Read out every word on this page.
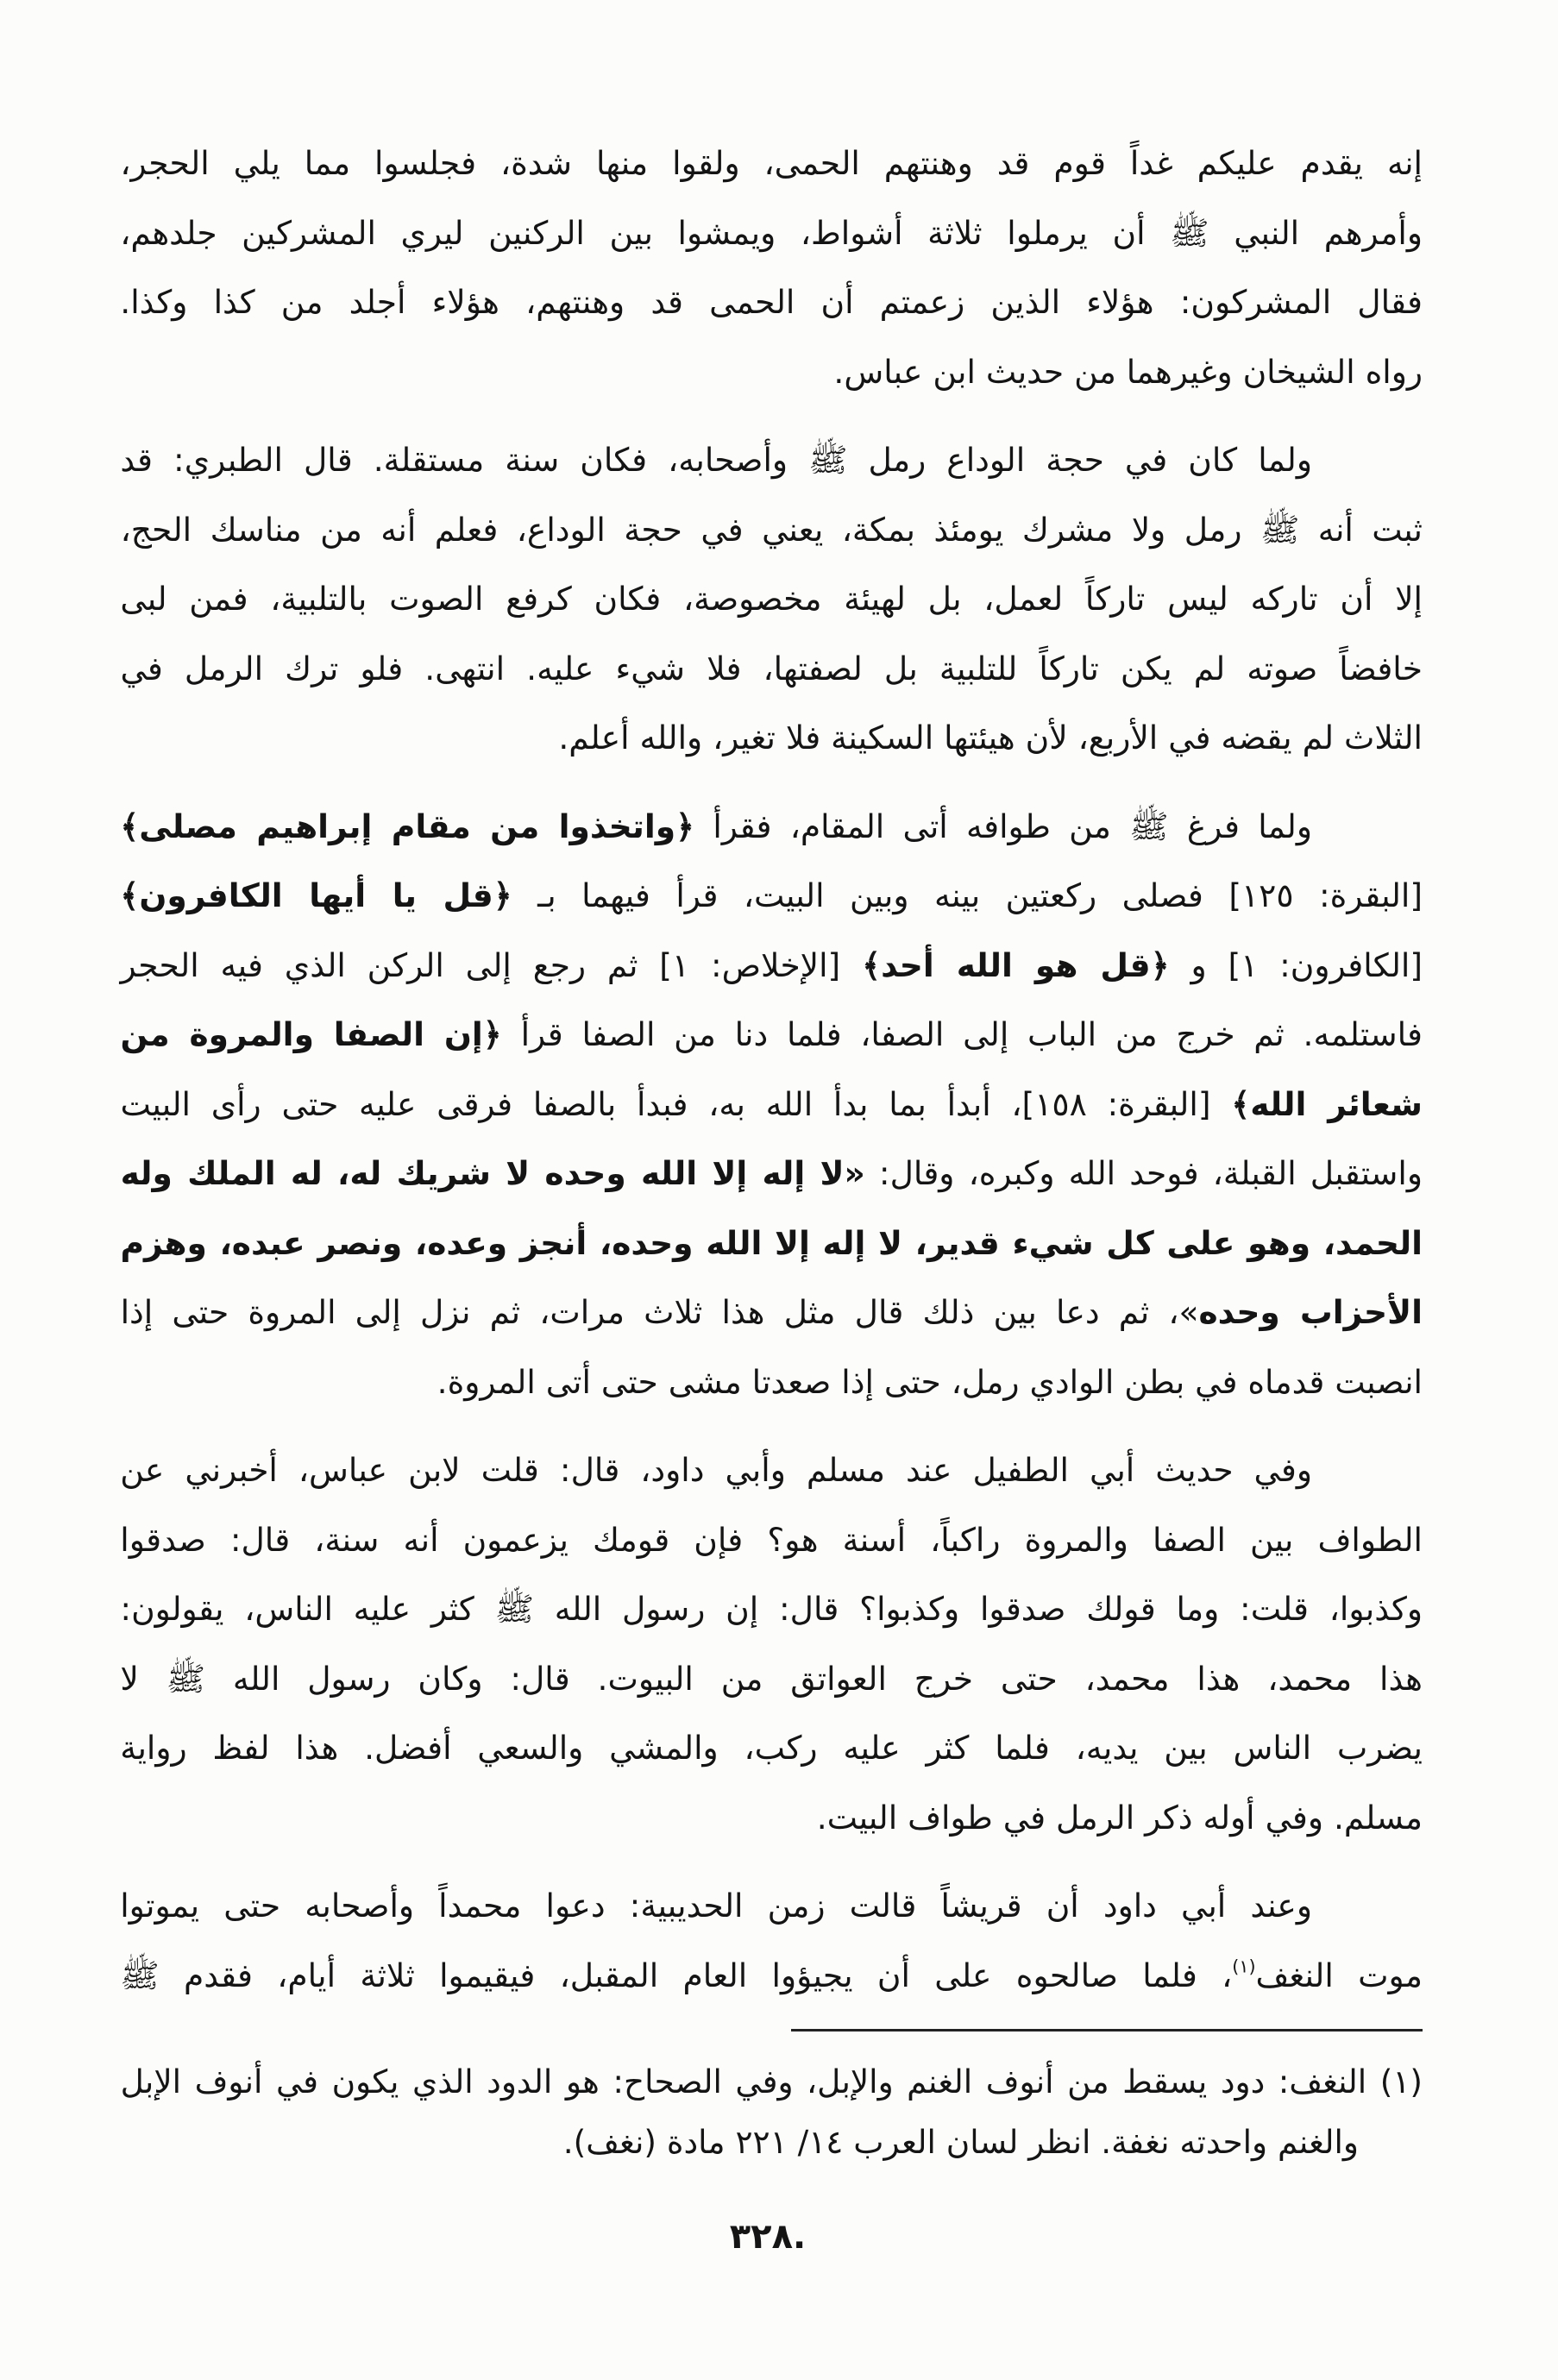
إنه يقدم عليكم غداً قوم قد وهنتهم الحمى، ولقوا منها شدة، فجلسوا مما يلي الحجر،
وأمرهم النبي ﷺ أن يرملوا ثلاثة أشواط، ويمشوا بين الركنين ليري المشركين جلدهم،
فقال المشركون: هؤلاء الذين زعمتم أن الحمى قد وهنتهم، هؤلاء أجلد من كذا وكذا.
رواه الشيخان وغيرهما من حديث ابن عباس.
ولما كان في حجة الوداع رمل ﷺ وأصحابه، فكان سنة مستقلة. قال الطبري: قد
ثبت أنه ﷺ رمل ولا مشرك يومئذ بمكة، يعني في حجة الوداع، فعلم أنه من مناسك الحج،
إلا أن تاركه ليس تاركاً لعمل، بل لهيئة مخصوصة، فكان كرفع الصوت بالتلبية، فمن لبى
خافضاً صوته لم يكن تاركاً للتلبية بل لصفتها، فلا شيء عليه. انتهى. فلو ترك الرمل في
الثلاث لم يقضه في الأربع، لأن هيئتها السكينة فلا تغير، والله أعلم.
ولما فرغ ﷺ من طوافه أتى المقام، فقرأ ﴿واتخذوا من مقام إبراهيم مصلى﴾
[البقرة: ١٢٥] فصلى ركعتين بينه وبين البيت، قرأ فيهما بـ ﴿قل يا أيها الكافرون﴾
[الكافرون: ١] و ﴿قل هو الله أحد﴾ [الإخلاص: ١] ثم رجع إلى الركن الذي فيه الحجر
فاستلمه. ثم خرج من الباب إلى الصفا، فلما دنا من الصفا قرأ ﴿إن الصفا والمروة من
شعائر الله﴾ [البقرة: ١٥٨]، أبدأ بما بدأ الله به، فبدأ بالصفا فرقى عليه حتى رأى البيت
واستقبل القبلة، فوحد الله وكبره، وقال: «لا إله إلا الله وحده لا شريك له، له الملك وله
الحمد، وهو على كل شيء قدير، لا إله إلا الله وحده، أنجز وعده، ونصر عبده، وهزم
الأحزاب وحده»، ثم دعا بين ذلك قال مثل هذا ثلاث مرات، ثم نزل إلى المروة حتى إذا
انصبت قدماه في بطن الوادي رمل، حتى إذا صعدتا مشى حتى أتى المروة.
وفي حديث أبي الطفيل عند مسلم وأبي داود، قال: قلت لابن عباس، أخبرني عن
الطواف بين الصفا والمروة راكباً، أسنة هو؟ فإن قومك يزعمون أنه سنة، قال: صدقوا
وكذبوا، قلت: وما قولك صدقوا وكذبوا؟ قال: إن رسول الله ﷺ كثر عليه الناس، يقولون:
هذا محمد، هذا محمد، حتى خرج العواتق من البيوت. قال: وكان رسول الله ﷺ لا
يضرب الناس بين يديه، فلما كثر عليه ركب، والمشي والسعي أفضل. هذا لفظ رواية
مسلم. وفي أوله ذكر الرمل في طواف البيت.
وعند أبي داود أن قريشاً قالت زمن الحديبية: دعوا محمداً وأصحابه حتى يموتوا
موت النغف$^{(١)}$، فلما صالحوه على أن يجيؤوا العام المقبل، فيقيموا ثلاثة أيام، فقدم ﷺ
(١) النغف: دود يسقط من أنوف الغنم والإبل، وفي الصحاح: هو الدود الذي يكون في أنوف الإبل
والغنم واحدته نغفة. انظر لسان العرب ١٤/ ٢٢١ مادة (نغف).
٣٢٨.
